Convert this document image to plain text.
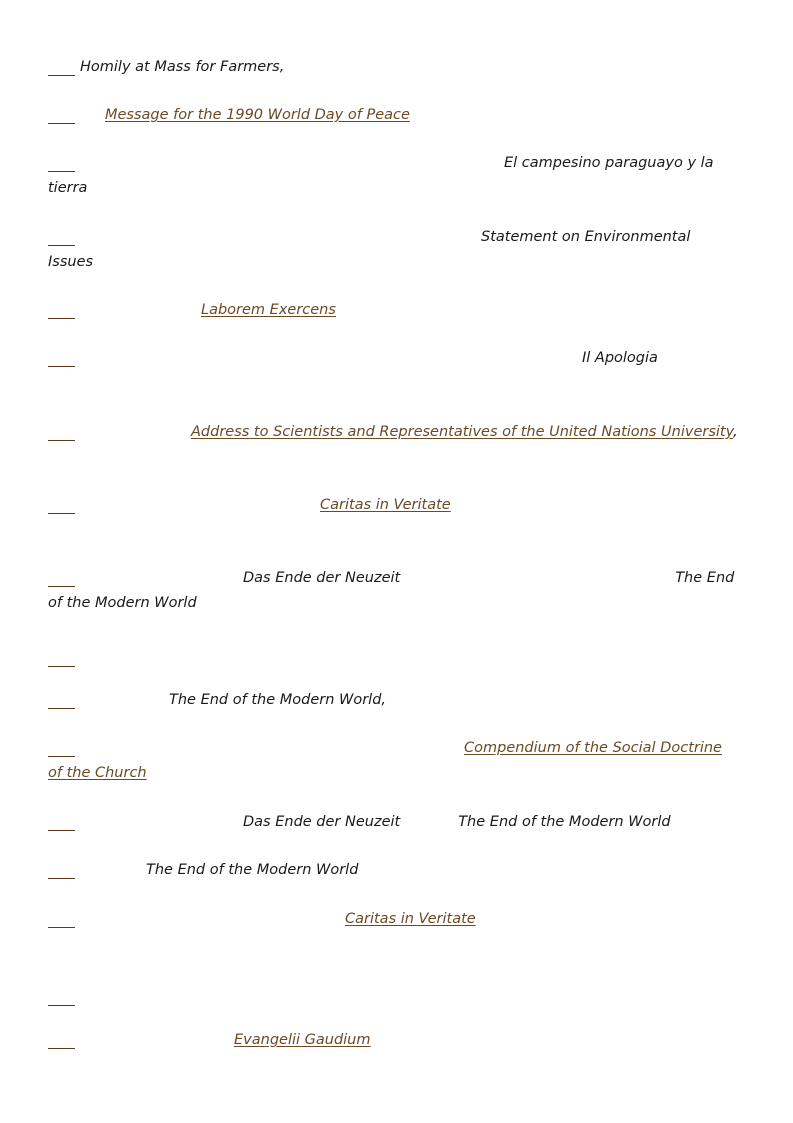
Homily at Mass for Farmers,
Message for the 1990 World Day of Peace
El campesino paraguayo y la tierra
Statement on Environmental Issues
Laborem Exercens
Il Apologia
Address to Scientists and Representatives of the United Nations University,
Caritas in Veritate
Das Ende der Neuzeit	The End of the Modern World
The End of the Modern World,
Compendium of the Social Doctrine of the Church
Das Ende der Neuzeit	The End of the Modern World
The End of the Modern World
Caritas in Veritate
Evangelii Gaudium
